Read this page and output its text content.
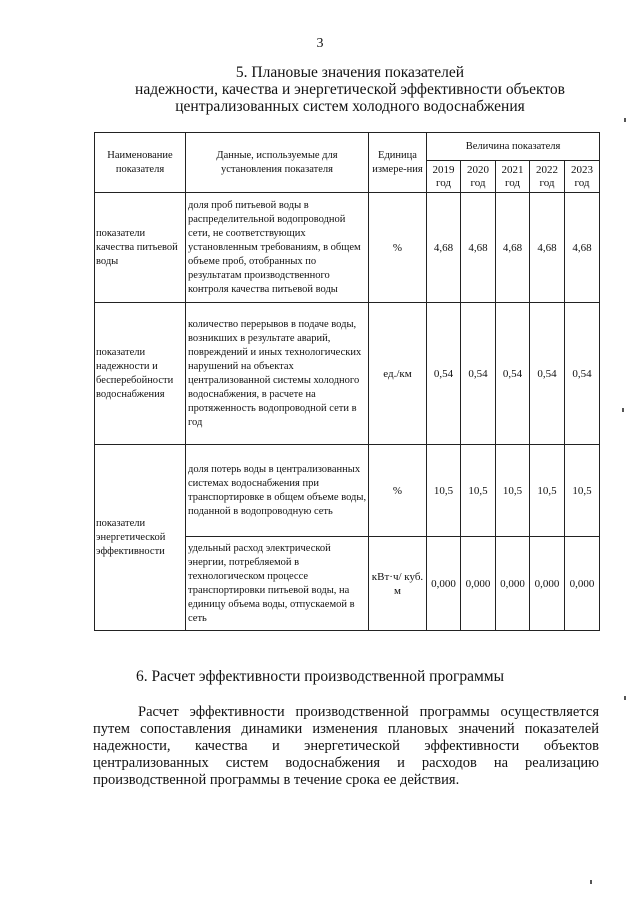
3
5. Плановые значения показателей
надежности, качества и энергетической эффективности объектов
централизованных систем холодного водоснабжения
Наименование показателя	Данные, используемые для установления показателя	Единица измере-ния	Величина показателя				
			2019 год	2020 год	2021 год	2022 год	2023 год
показатели качества питьевой воды	доля проб питьевой воды в распределительной водопроводной сети, не соответствующих установленным требованиям, в общем объеме проб, отобранных по результатам производственного контроля качества питьевой воды	%	4,68	4,68	4,68	4,68	4,68
показатели надежности и бесперебойности водоснабжения	количество перерывов в подаче воды, возникших в результате аварий, повреждений и иных технологических нарушений на объектах централизованной системы холодного водоснабжения, в расчете на протяженность водопроводной сети в год	ед./км	0,54	0,54	0,54	0,54	0,54
показатели энергетической эффективности	доля потерь воды в централизованных системах водоснабжения при транспортировке в общем объеме воды, поданной в водопроводную сеть	%	10,5	10,5	10,5	10,5	10,5
	удельный расход электрической энергии, потребляемой в технологическом процессе транспортировки питьевой воды, на единицу объема воды, отпускаемой в сеть	кВт·ч/ куб. м	0,000	0,000	0,000	0,000	0,000
6. Расчет эффективности производственной программы

Расчет эффективности производственной программы осуществляется путем сопоставления динамики изменения плановых значений показателей надежности, качества и энергетической эффективности объектов централизованных систем водоснабжения и расходов на реализацию производственной программы в течение срока ее действия.
